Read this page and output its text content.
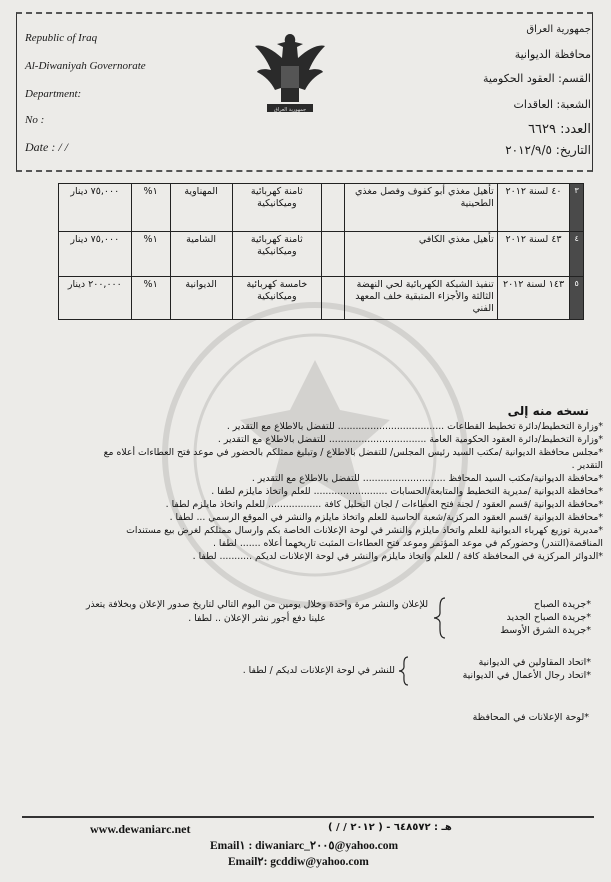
Republic of Iraq
Al-Diwaniyah Governorate
Department:
No :
Date : / /
جمهورية العراق
محافظة الديوانية
القسم: العقود الحكومية
الشعبة: العاقدات
العدد: ٦٦٢٩
التاريخ: ٢٠١٢/٩/٥
جمهورية العراق
٣	٤٠ لسنة ٢٠١٢	تأهيل مغذي أبو كفوف وفصل مغذي الطحينية		ثامنة كهربائية وميكانيكية	المهناوية	١%	٧٥,٠٠٠ دينار
٤	٤٣ لسنة ٢٠١٢	تأهيل مغذي الكافي		ثامنة كهربائية وميكانيكية	الشامية	١%	٧٥,٠٠٠ دينار
٥	١٤٣ لسنة ٢٠١٢	تنفيذ الشبكة الكهربائية لحي النهضة الثالثة والأجزاء المتبقية خلف المعهد الفني		خامسة كهربائية وميكانيكية	الديوانية	١%	٢٠٠,٠٠٠ دينار
نسخه منه إلى
*وزارة التخطيط/دائرة تخطيط القطاعات .................................... للتفضل بالاطلاع مع التقدير .
*وزارة التخطيط/دائرة العقود الحكومية العامة ................................. للتفضل بالاطلاع مع التقدير .
*مجلس محافظة الديوانية /مكتب السيد رئيس المجلس/ للتفضل بالاطلاع / وتبليغ ممثلكم بالحضور في موعد فتح العطاءات أعلاه مع التقدير .
*محافظة الديوانية/مكتب السيد المحافظ ............................ للتفضل بالاطلاع مع التقدير .
*محافظة الديوانية /مديرية التخطيط والمتابعة/الحسابات ......................... للعلم واتخاذ مايلزم لطفا .
*محافظة الديوانية /قسم العقود / لجنة فتح العطاءات / لجان التحليل كافة .................. للعلم واتخاذ مايلزم لطفا .
*محافظة الديوانية /قسم العقود المركزية/شعبة الحاسبة للعلم واتخاذ مايلزم والنشر في الموقع الرسمي ... لطفا .
*مديرية توزيع كهرباء الديوانية للعلم واتخاذ مايلزم والنشر في لوحة الإعلانات الخاصة بكم وارسال ممثلكم لغرض بيع مستندات المناقصة(التندر) وحضوركم في موعد المؤتمر وموعد فتح العطاءات المثبت تاريخهما أعلاه ....... لطفا .
*الدوائر المركزية في المحافظة كافة / للعلم واتخاذ مايلزم والنشر في لوحة الإعلانات لديكم ........... لطفا .
*جريدة الصباح
*جريدة الصباح الجديد
*جريدة الشرق الأوسط
للإعلان والنشر مرة واحدة وخلال يومين من اليوم التالي لتاريخ صدور الإعلان وبخلافة يتعذر علينا دفع أجور نشر الإعلان .. لطفا .
*اتحاد المقاولين في الديوانية
*اتحاد رجال الأعمال في الديوانية
للنشر في لوحة الإعلانات لديكم / لطفا .
*لوحة الإعلانات في المحافظة
www.dewaniarc.net	هـ : ٦٤٨٥٧٢ - ( ٢٠١٢ / / )
Email١ : diwaniarc_٢٠٠٥@yahoo.com
Email٢: gcddiw@yahoo.com
